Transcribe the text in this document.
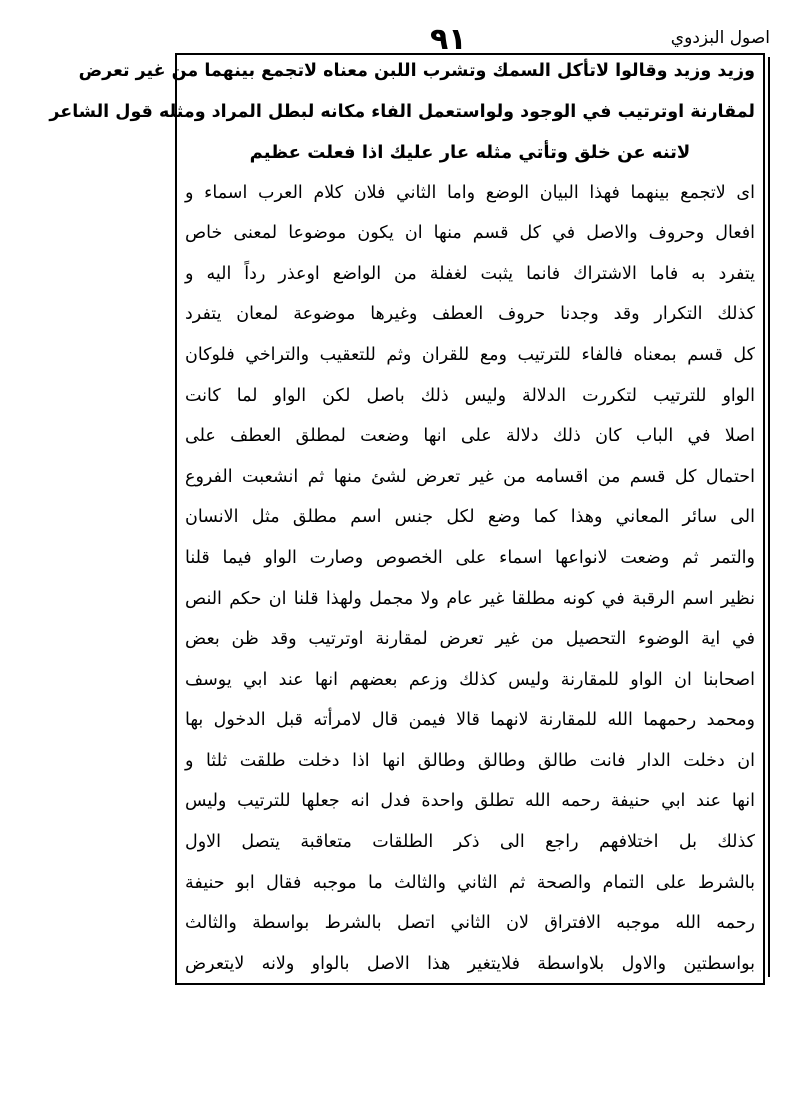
اصول البزدوي
٩١
وزيد وزيد وقالوا لاتأكل السمك وتشرب اللبن معناه لاتجمع بينهما من غير تعرض
لمقارنة اوترتيب في الوجود ولواستعمل الفاء مكانه لبطل المراد ومثله قول الشاعر
لاتنه عن خلق وتأتي مثله عار عليك اذا فعلت عظيم
اى لاتجمع بينهما فهذا البيان الوضع واما الثاني فلان كلام العرب اسماء و
افعال وحروف والاصل في كل قسم منها ان يكون موضوعا لمعنى خاص
يتفرد به فاما الاشتراك فانما يثبت لغفلة من الواضع اوعذر رداً اليه و
كذلك التكرار وقد وجدنا حروف العطف وغيرها موضوعة لمعان يتفرد
كل قسم بمعناه فالفاء للترتيب ومع للقران وثم للتعقيب والتراخي فلوكان
الواو للترتيب لتكررت الدلالة وليس ذلك باصل لكن الواو لما كانت
اصلا في الباب كان ذلك دلالة على انها وضعت لمطلق العطف على
احتمال كل قسم من اقسامه من غير تعرض لشئ منها ثم انشعبت الفروع
الى سائر المعاني وهذا كما وضع لكل جنس اسم مطلق مثل الانسان
والتمر ثم وضعت لانواعها اسماء على الخصوص وصارت الواو فيما قلنا
نظير اسم الرقبة في كونه مطلقا غير عام ولا مجمل ولهذا قلنا ان حكم النص
في اية الوضوء التحصيل من غير تعرض لمقارنة اوترتيب وقد ظن بعض
اصحابنا ان الواو للمقارنة وليس كذلك وزعم بعضهم انها عند ابي يوسف
ومحمد رحمهما الله للمقارنة لانهما قالا فيمن قال لامرأته قبل الدخول بها
ان دخلت الدار فانت طالق وطالق وطالق انها اذا دخلت طلقت ثلثا و
انها عند ابي حنيفة رحمه الله تطلق واحدة فدل انه جعلها للترتيب وليس
كذلك بل اختلافهم راجع الى ذكر الطلقات متعاقبة يتصل الاول
بالشرط على التمام والصحة ثم الثاني والثالث ما موجبه فقال ابو حنيفة
رحمه الله موجبه الافتراق لان الثاني اتصل بالشرط بواسطة والثالث
بواسطتين والاول بلاواسطة فلايتغير هذا الاصل بالواو ولانه لايتعرض
